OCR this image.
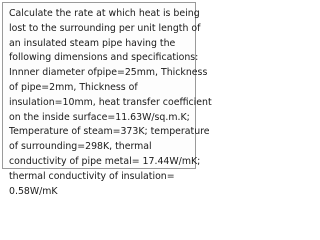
Calculate the rate at which heat is being
lost to the surrounding per unit length of
an insulated steam pipe having the
following dimensions and specifications:
Innner diameter ofpipe=25mm, Thickness
of pipe=2mm, Thickness of
insulation=10mm, heat transfer coefficient
on the inside surface=11.63W/sq.m.K;
Temperature of steam=373K; temperature
of surrounding=298K, thermal
conductivity of pipe metal= 17.44W/mK;
thermal conductivity of insulation=
0.58W/mK
